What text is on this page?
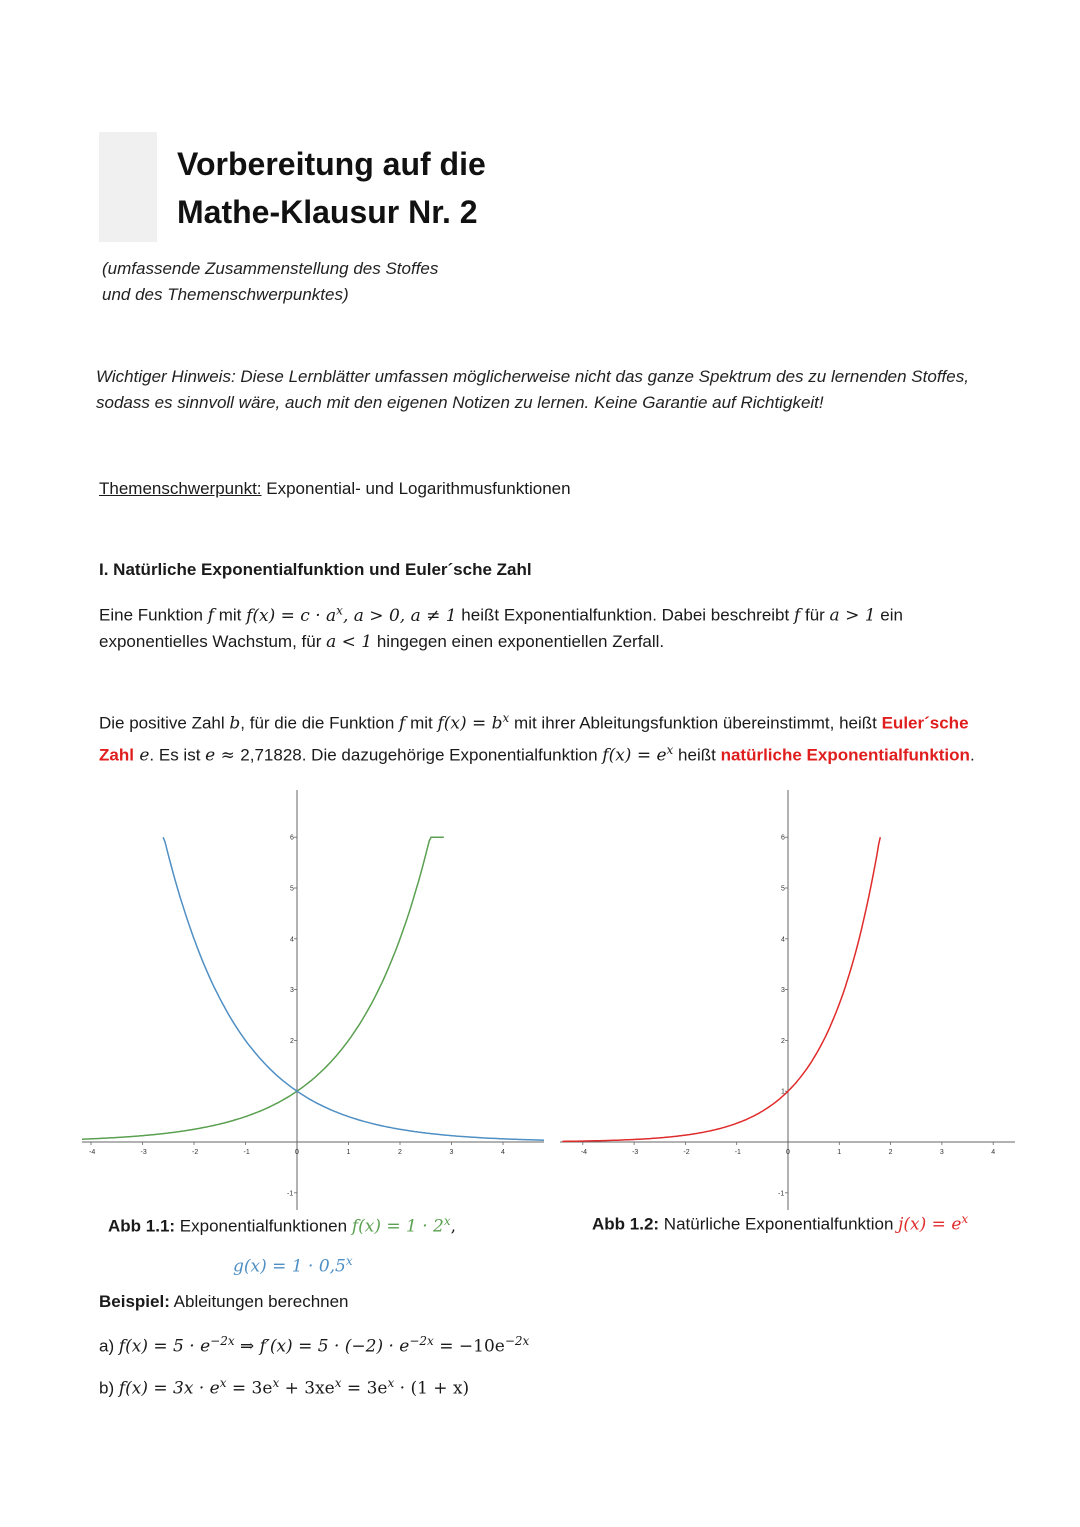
Vorbereitung auf die
Mathe-Klausur Nr. 2
(umfassende Zusammenstellung des Stoffes
und des Themenschwerpunktes)
Wichtiger Hinweis: Diese Lernblätter umfassen möglicherweise nicht das ganze Spektrum des zu lernenden Stoffes, sodass es sinnvoll wäre, auch mit den eigenen Notizen zu lernen. Keine Garantie auf Richtigkeit!
Themenschwerpunkt: Exponential- und Logarithmusfunktionen
I. Natürliche Exponentialfunktion und Euler´sche Zahl
Eine Funktion f mit $f(x) = c \cdot a^x$, a > 0, a ≠ 1 heißt Exponentialfunktion. Dabei beschreibt f für a > 1 ein exponentielles Wachstum, für a < 1 hingegen einen exponentiellen Zerfall.
Die positive Zahl b, für die die Funktion f mit $f(x) = b^x$ mit ihrer Ableitungsfunktion übereinstimmt, heißt Euler´sche Zahl e. Es ist e ≈ 2,71828. Die dazugehörige Exponentialfunktion $f(x) = e^x$ heißt natürliche Exponentialfunktion.
-4	-3	-2	-1	0	1	2	3	4
-1
2
3
4
5
6
-4	-3	-2	-1	0	1	2	3	4
-1
1
2
3
4
5
6
Abb 1.1: Exponentialfunktionen $f(x) = 1 \cdot 2^x$,
$g(x) = 1 \cdot 0,5^x$
Abb 1.2: Natürliche Exponentialfunktion $j(x) = e^x$
Beispiel: Ableitungen berechnen
a) $f(x) = 5 \cdot e^{-2x}$ ⇒ $f'(x) = 5 \cdot (-2) \cdot e^{-2x} = -10e^{-2x}$
b) $f(x) = 3x \cdot e^x = 3e^x + 3xe^x = 3e^x \cdot (1 + x)$
